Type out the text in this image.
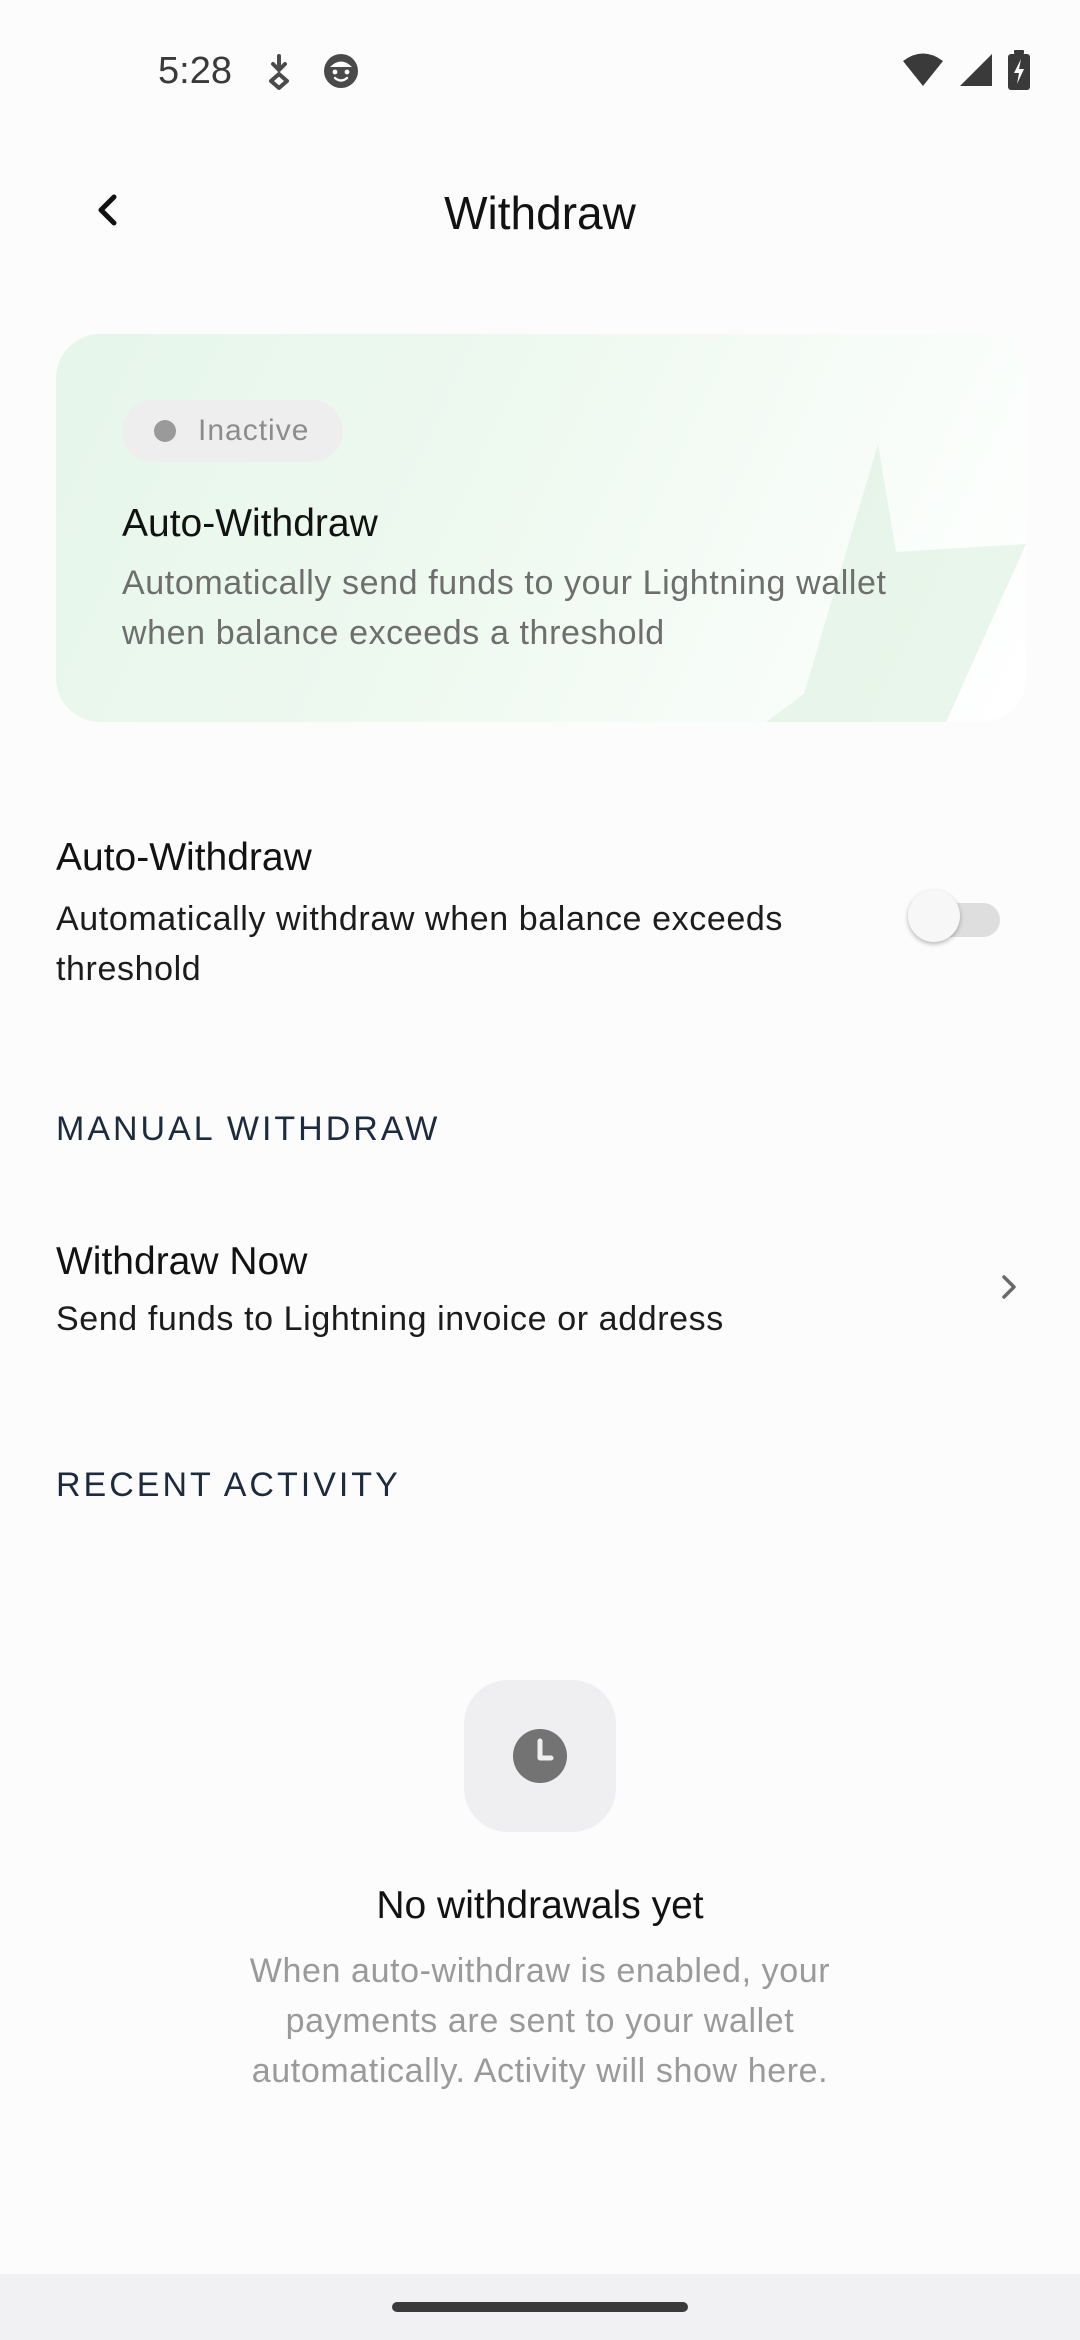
5:28
Withdraw
Inactive
Auto-Withdraw
Automatically send funds to your Lightning wallet when balance exceeds a threshold
Auto-Withdraw
Automatically withdraw when balance exceeds threshold
MANUAL WITHDRAW
Withdraw Now
Send funds to Lightning invoice or address
RECENT ACTIVITY
No withdrawals yet
When auto-withdraw is enabled, your payments are sent to your wallet automatically. Activity will show here.
